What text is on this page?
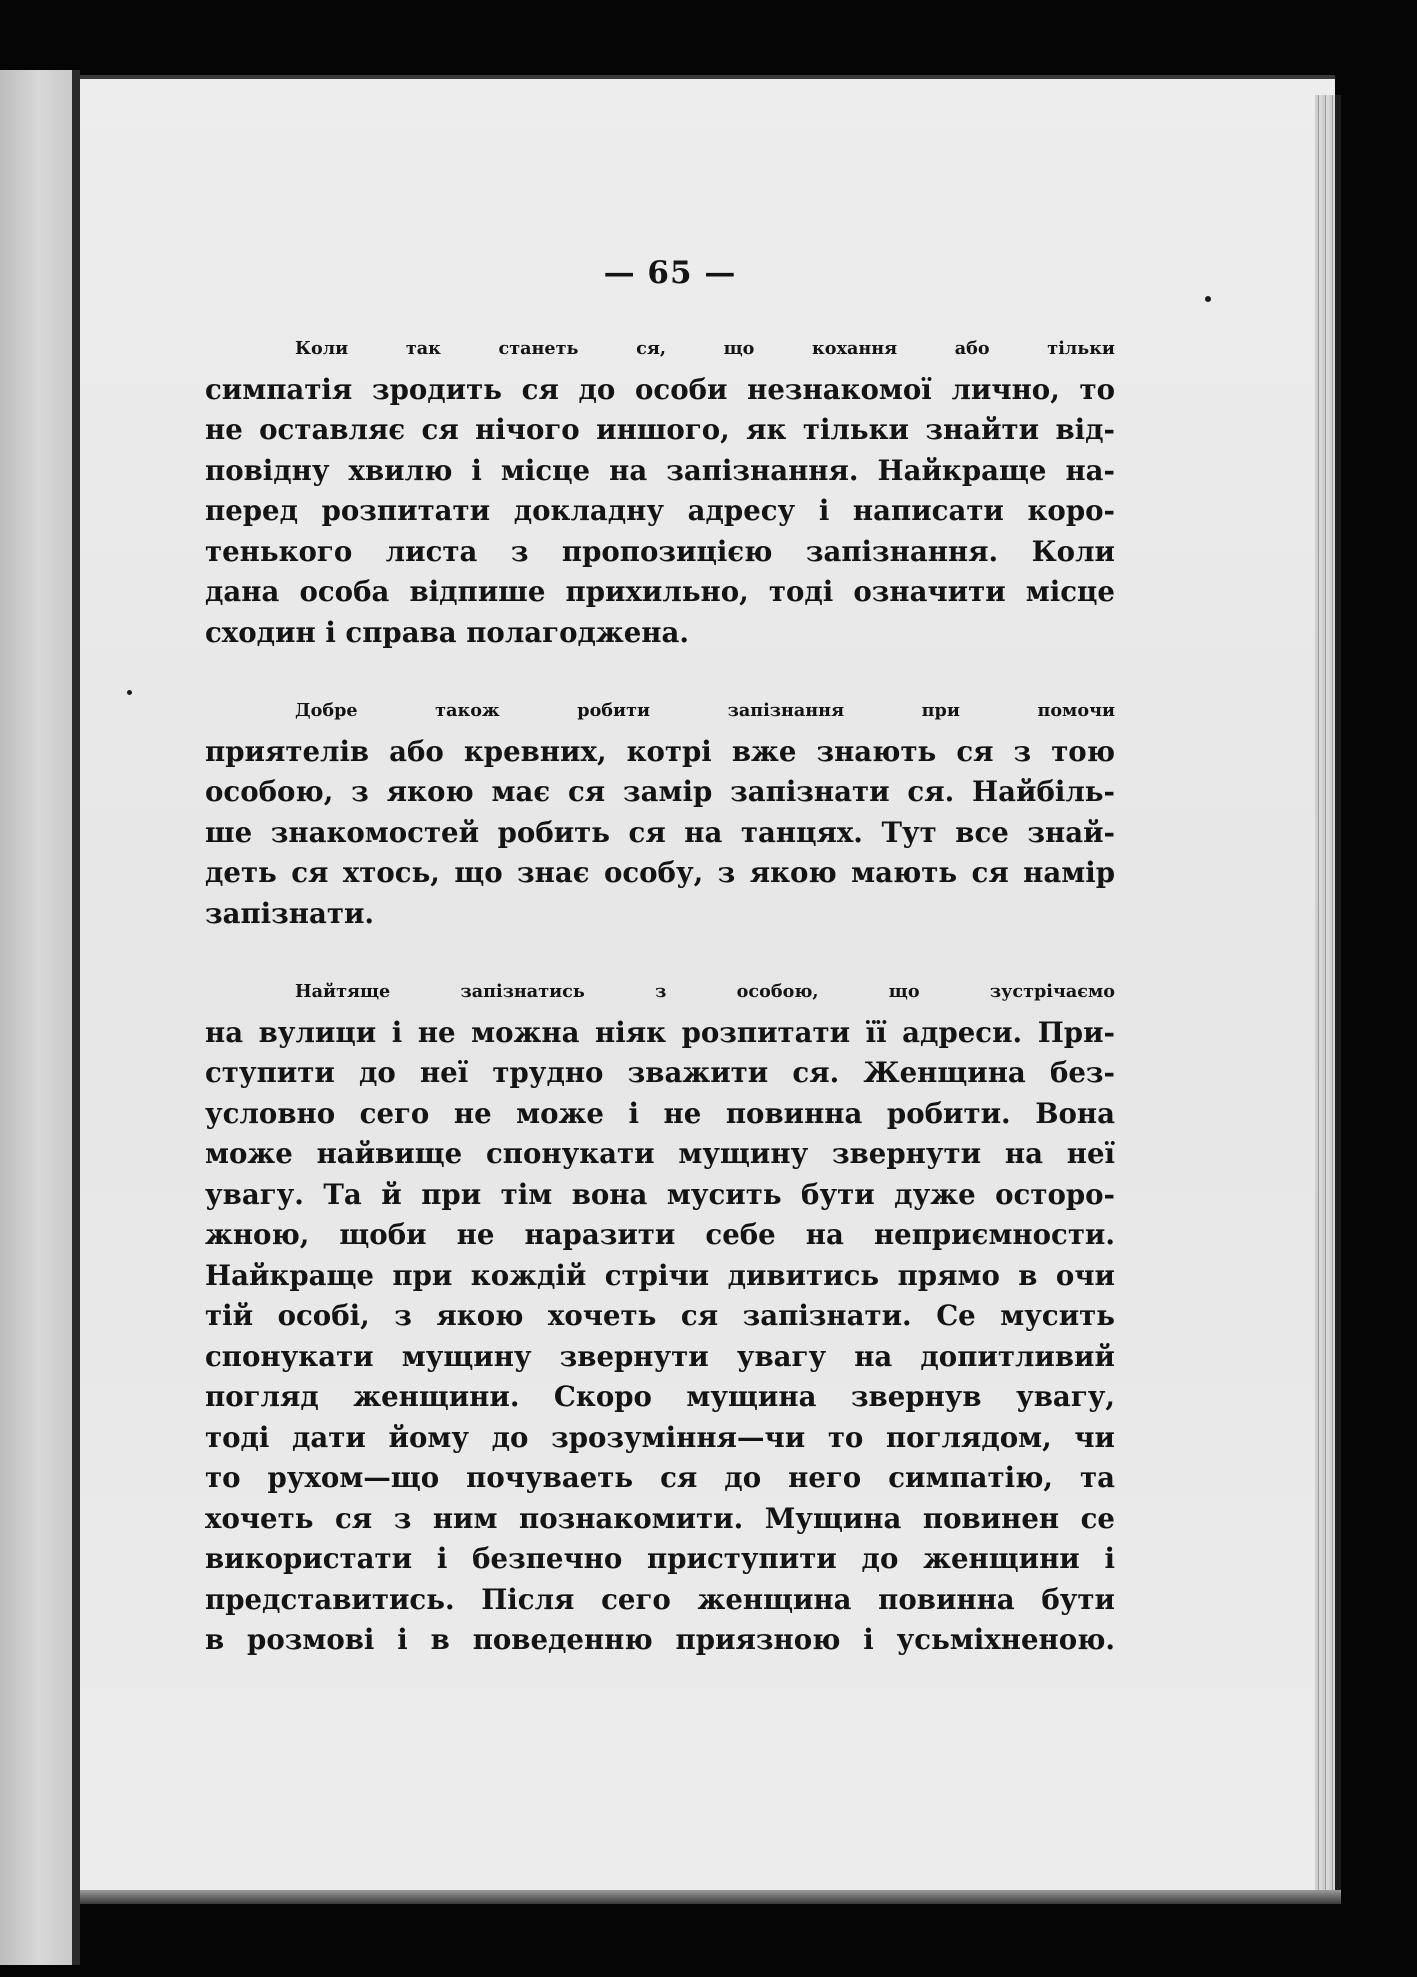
— 65 —
Коли так станеть ся, що кохання або тільки
симпатія зродить ся до особи незнакомої лично, то
не оставляє ся нічого иншого, як тільки знайти від-
повідну хвилю і місце на запізнання. Найкраще на-
перед розпитати докладну адресу і написати коро-
тенького листа з пропозицією запізнання. Коли
дана особа відпише прихильно, тоді означити місце
сходин і справа полагоджена.
Добре також робити запізнання при помочи
приятелів або кревних, котрі вже знають ся з тою
особою, з якою має ся замір запізнати ся. Найбіль-
ше знакомостей робить ся на танцях. Тут все знай-
деть ся хтось, що знає особу, з якою мають ся намір
запізнати.
Найтяще запізнатись з особою, що зустрічаємо
на вулици і не можна ніяк розпитати її адреси. При-
ступити до неї трудно зважити ся. Женщина без-
условно сего не може і не повинна робити. Вона
може найвище спонукати мущину звернути на неї
увагу. Та й при тім вона мусить бути дуже осторо-
жною, щоби не наразити себе на неприємности.
Найкраще при кождій стрічи дивитись прямо в очи
тій особі, з якою хочеть ся запізнати. Се мусить
спонукати мущину звернути увагу на допитливий
погляд женщини. Скоро мущина звернув увагу,
тоді дати йому до зрозуміння—чи то поглядом, чи
то рухом—що почуваеть ся до него симпатію, та
хочеть ся з ним познакомити. Мущина повинен се
використати і безпечно приступити до женщини і
представитись. Після сего женщина повинна бути
в розмові і в поведенню приязною і усьміхненою.
